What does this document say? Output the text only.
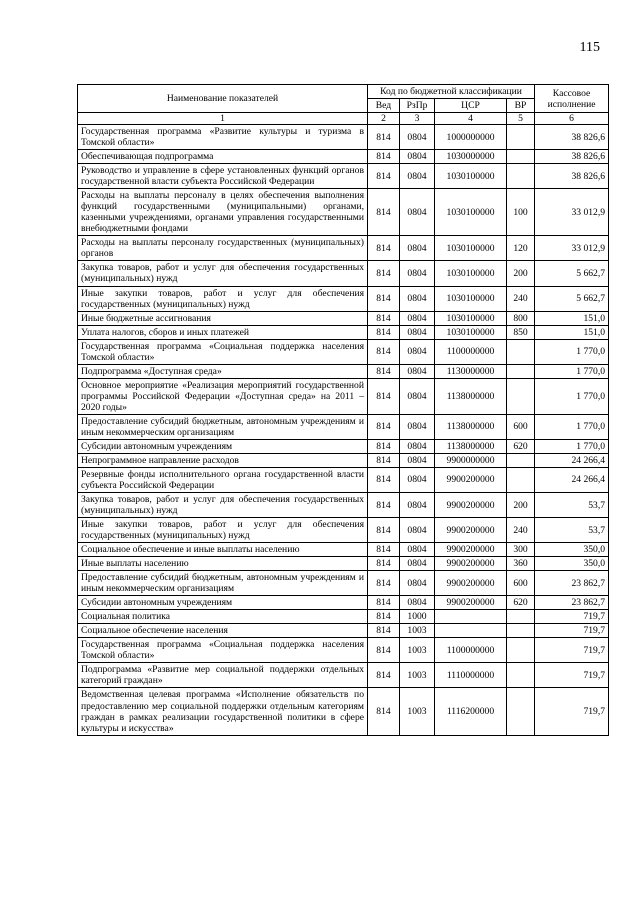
115
Наименование показателей	Код по бюджетной классификации				Кассовое исполнение
	Вед	РзПр	ЦСР	ВР	
1	2	3	4	5	6
Государственная программа «Развитие культуры и туризма в Томской области»	814	0804	1000000000		38 826,6
Обеспечивающая подпрограмма	814	0804	1030000000		38 826,6
Руководство и управление в сфере установленных функций органов государственной власти субъекта Российской Федерации	814	0804	1030100000		38 826,6
Расходы на выплаты персоналу в целях обеспечения выполнения функций государственными (муниципальными) органами, казенными учреждениями, органами управления государственными внебюджетными фондами	814	0804	1030100000	100	33 012,9
Расходы на выплаты персоналу государственных (муниципальных) органов	814	0804	1030100000	120	33 012,9
Закупка товаров, работ и услуг для обеспечения государственных (муниципальных) нужд	814	0804	1030100000	200	5 662,7
Иные закупки товаров, работ и услуг для обеспечения государственных (муниципальных) нужд	814	0804	1030100000	240	5 662,7
Иные бюджетные ассигнования	814	0804	1030100000	800	151,0
Уплата налогов, сборов и иных платежей	814	0804	1030100000	850	151,0
Государственная программа «Социальная поддержка населения Томской области»	814	0804	1100000000		1 770,0
Подпрограмма «Доступная среда»	814	0804	1130000000		1 770,0
Основное мероприятие «Реализация мероприятий государственной программы Российской Федерации «Доступная среда» на 2011 – 2020 годы»	814	0804	1138000000		1 770,0
Предоставление субсидий бюджетным, автономным учреждениям и иным некоммерческим организациям	814	0804	1138000000	600	1 770,0
Субсидии автономным учреждениям	814	0804	1138000000	620	1 770,0
Непрограммное направление расходов	814	0804	9900000000		24 266,4
Резервные фонды исполнительного органа государственной власти субъекта Российской Федерации	814	0804	9900200000		24 266,4
Закупка товаров, работ и услуг для обеспечения государственных (муниципальных) нужд	814	0804	9900200000	200	53,7
Иные закупки товаров, работ и услуг для обеспечения государственных (муниципальных) нужд	814	0804	9900200000	240	53,7
Социальное обеспечение и иные выплаты населению	814	0804	9900200000	300	350,0
Иные выплаты населению	814	0804	9900200000	360	350,0
Предоставление субсидий бюджетным, автономным учреждениям и иным некоммерческим организациям	814	0804	9900200000	600	23 862,7
Субсидии автономным учреждениям	814	0804	9900200000	620	23 862,7
Социальная политика	814	1000			719,7
Социальное обеспечение населения	814	1003			719,7
Государственная программа «Социальная поддержка населения Томской области»	814	1003	1100000000		719,7
Подпрограмма «Развитие мер социальной поддержки отдельных категорий граждан»	814	1003	1110000000		719,7
Ведомственная целевая программа «Исполнение обязательств по предоставлению мер социальной поддержки отдельным категориям граждан в рамках реализации государственной политики в сфере культуры и искусства»	814	1003	1116200000		719,7
